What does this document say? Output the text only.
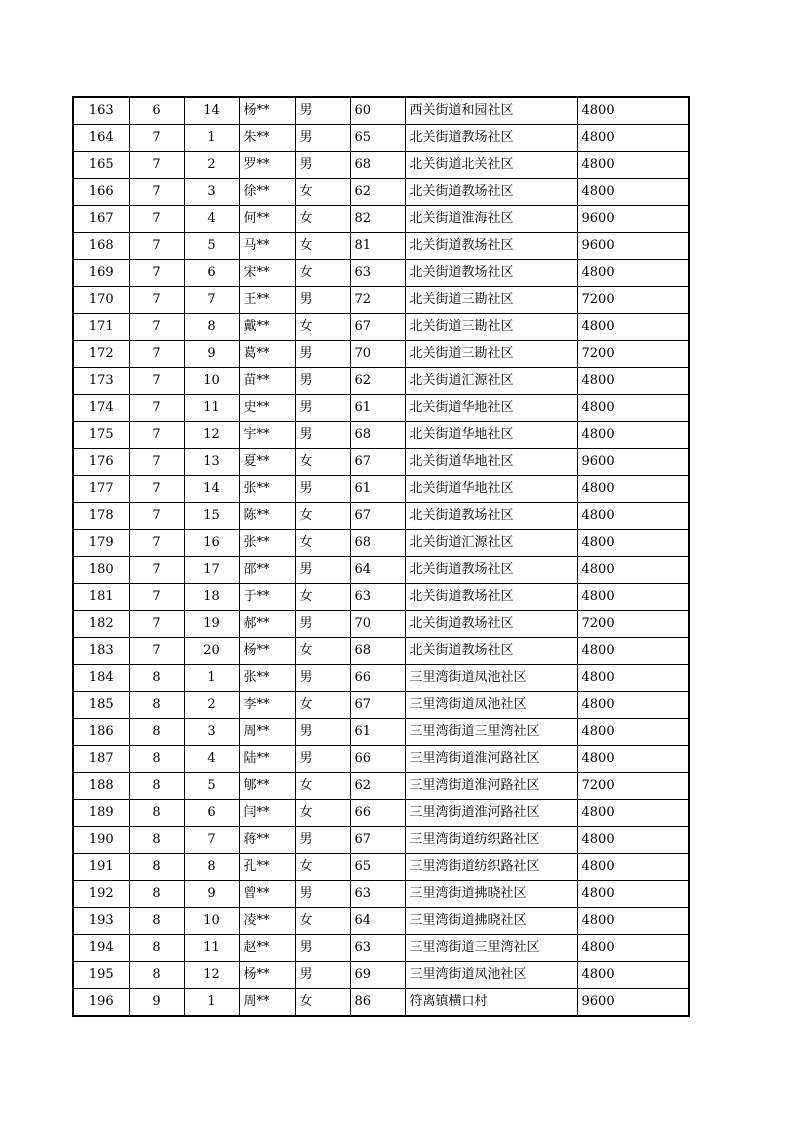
163	6	14	杨**	男	60	西关街道和园社区	4800
164	7	1	朱**	男	65	北关街道教场社区	4800
165	7	2	罗**	男	68	北关街道北关社区	4800
166	7	3	徐**	女	62	北关街道教场社区	4800
167	7	4	何**	女	82	北关街道淮海社区	9600
168	7	5	马**	女	81	北关街道教场社区	9600
169	7	6	宋**	女	63	北关街道教场社区	4800
170	7	7	王**	男	72	北关街道三勘社区	7200
171	7	8	戴**	女	67	北关街道三勘社区	4800
172	7	9	葛**	男	70	北关街道三勘社区	7200
173	7	10	苗**	男	62	北关街道汇源社区	4800
174	7	11	史**	男	61	北关街道华地社区	4800
175	7	12	宇**	男	68	北关街道华地社区	4800
176	7	13	夏**	女	67	北关街道华地社区	9600
177	7	14	张**	男	61	北关街道华地社区	4800
178	7	15	陈**	女	67	北关街道教场社区	4800
179	7	16	张**	女	68	北关街道汇源社区	4800
180	7	17	邵**	男	64	北关街道教场社区	4800
181	7	18	于**	女	63	北关街道教场社区	4800
182	7	19	郝**	男	70	北关街道教场社区	7200
183	7	20	杨**	女	68	北关街道教场社区	4800
184	8	1	张**	男	66	三里湾街道凤池社区	4800
185	8	2	李**	女	67	三里湾街道凤池社区	4800
186	8	3	周**	男	61	三里湾街道三里湾社区	4800
187	8	4	陆**	男	66	三里湾街道淮河路社区	4800
188	8	5	郇**	女	62	三里湾街道淮河路社区	7200
189	8	6	闫**	女	66	三里湾街道淮河路社区	4800
190	8	7	蒋**	男	67	三里湾街道纺织路社区	4800
191	8	8	孔**	女	65	三里湾街道纺织路社区	4800
192	8	9	曾**	男	63	三里湾街道拂晓社区	4800
193	8	10	凌**	女	64	三里湾街道拂晓社区	4800
194	8	11	赵**	男	63	三里湾街道三里湾社区	4800
195	8	12	杨**	男	69	三里湾街道凤池社区	4800
196	9	1	周**	女	86	符离镇横口村	9600
